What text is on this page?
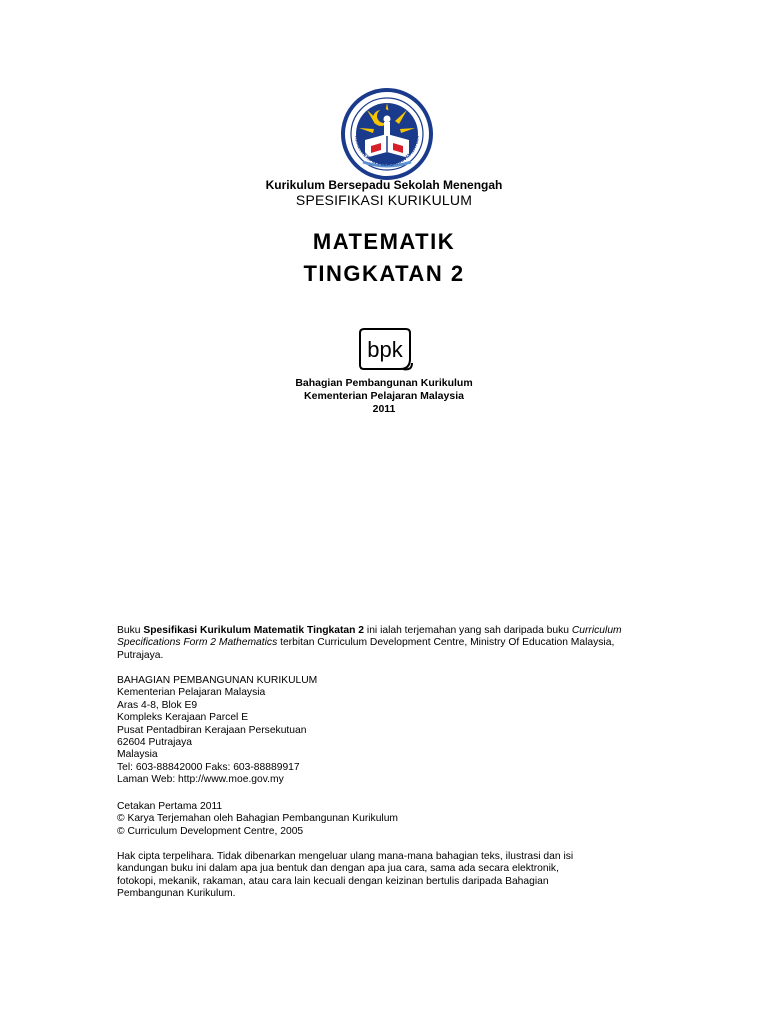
KEMENTERIAN PELAJARAN MALAYSIA
Kurikulum Bersepadu Sekolah Menengah
SPESIFIKASI KURIKULUM
MATEMATIK
TINGKATAN 2
bpk
Bahagian Pembangunan Kurikulum
Kementerian Pelajaran Malaysia
2011
Buku Spesifikasi Kurikulum Matematik Tingkatan 2 ini ialah terjemahan yang sah daripada buku Curriculum
Specifications Form 2 Mathematics terbitan Curriculum Development Centre, Ministry Of Education Malaysia,
Putrajaya.
BAHAGIAN PEMBANGUNAN KURIKULUM
Kementerian Pelajaran Malaysia
Aras 4-8, Blok E9
Kompleks Kerajaan Parcel E
Pusat Pentadbiran Kerajaan Persekutuan
62604 Putrajaya
Malaysia
Tel: 603-88842000 Faks: 603-88889917
Laman Web: http://www.moe.gov.my
Cetakan Pertama 2011
© Karya Terjemahan oleh Bahagian Pembangunan Kurikulum
© Curriculum Development Centre, 2005
Hak cipta terpelihara. Tidak dibenarkan mengeluar ulang mana-mana bahagian teks, ilustrasi dan isi
kandungan buku ini dalam apa jua bentuk dan dengan apa jua cara, sama ada secara elektronik,
fotokopi, mekanik, rakaman, atau cara lain kecuali dengan keizinan bertulis daripada Bahagian
Pembangunan Kurikulum.
